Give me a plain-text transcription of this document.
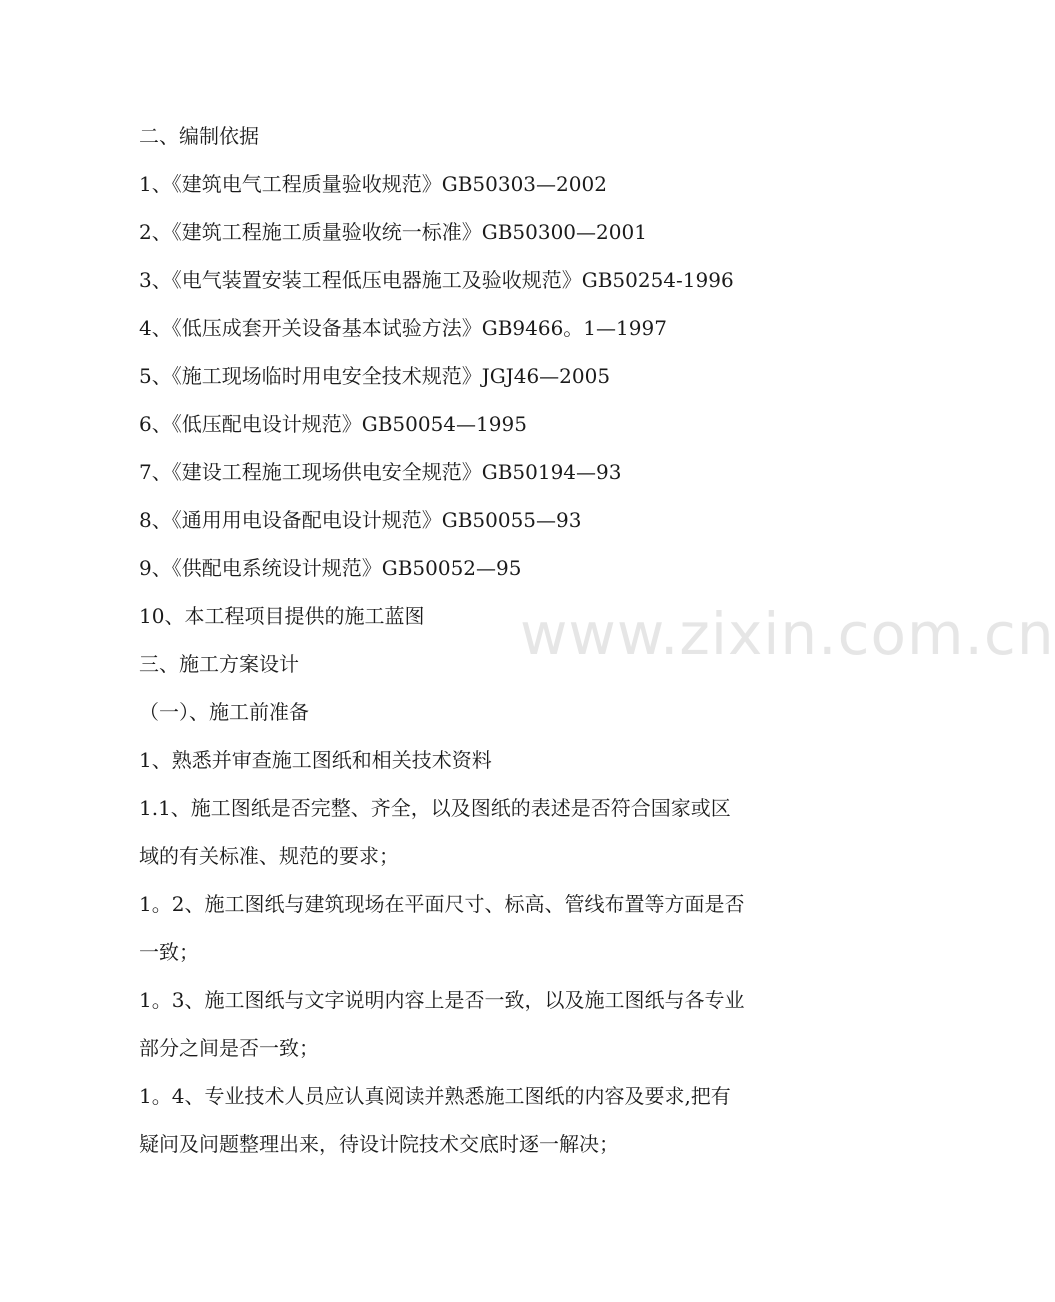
二、编制依据
1、《建筑电气工程质量验收规范》GB50303—2002
2、《建筑工程施工质量验收统一标准》GB50300—2001
3、《电气装置安装工程低压电器施工及验收规范》GB50254-1996
4、《低压成套开关设备基本试验方法》GB9466。1—1997
5、《施工现场临时用电安全技术规范》JGJ46—2005
6、《低压配电设计规范》GB50054—1995
7、《建设工程施工现场供电安全规范》GB50194—93
8、《通用用电设备配电设计规范》GB50055—93
9、《供配电系统设计规范》GB50052—95
10、本工程项目提供的施工蓝图
三、施工方案设计
（一）、施工前准备
1、熟悉并审查施工图纸和相关技术资料
1.1、施工图纸是否完整、齐全，以及图纸的表述是否符合国家或区
域的有关标准、规范的要求；
1。2、施工图纸与建筑现场在平面尺寸、标高、管线布置等方面是否
一致；
1。3、施工图纸与文字说明内容上是否一致，以及施工图纸与各专业
部分之间是否一致；
1。4、专业技术人员应认真阅读并熟悉施工图纸的内容及要求,把有
疑问及问题整理出来，待设计院技术交底时逐一解决；
www.zixin.com.cn
